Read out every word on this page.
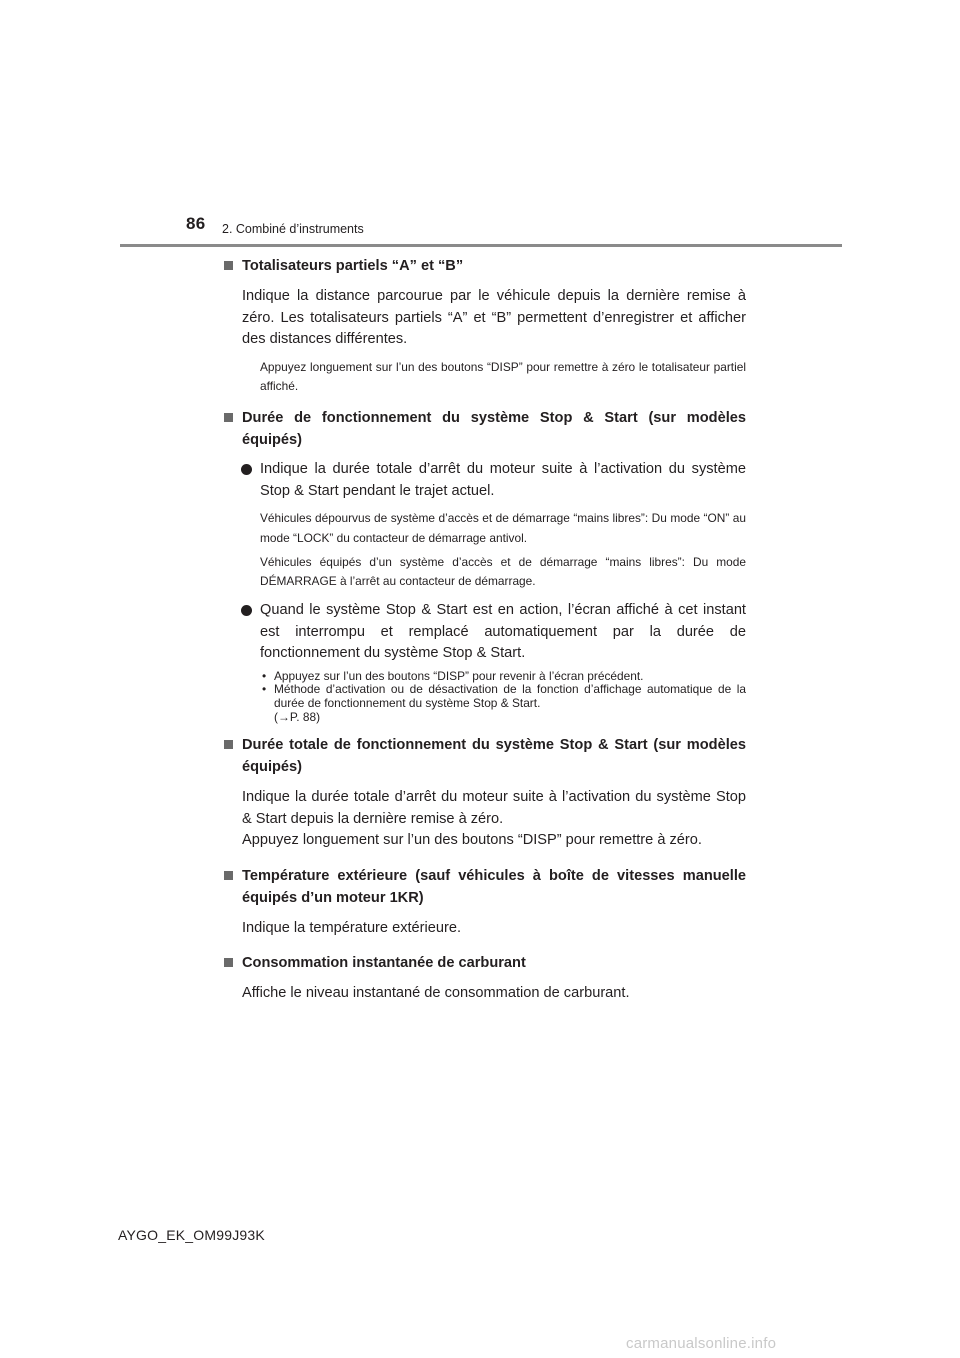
86 2. Combiné d’instruments
Totalisateurs partiels “A” et “B”
Indique la distance parcourue par le véhicule depuis la dernière remise à zéro. Les totalisateurs partiels “A” et “B” permettent d’enregistrer et afficher des distances différentes.
Appuyez longuement sur l’un des boutons “DISP” pour remettre à zéro le totalisateur partiel affiché.
Durée de fonctionnement du système Stop & Start (sur modèles équipés)
Indique la durée totale d’arrêt du moteur suite à l’activation du système Stop & Start pendant le trajet actuel.
Véhicules dépourvus de système d’accès et de démarrage “mains libres”: Du mode “ON” au mode “LOCK” du contacteur de démarrage antivol.
Véhicules équipés d’un système d’accès et de démarrage “mains libres”: Du mode DÉMARRAGE à l’arrêt au contacteur de démarrage.
Quand le système Stop & Start est en action, l’écran affiché à cet instant est interrompu et remplacé automatiquement par la durée de fonctionnement du système Stop & Start.
• Appuyez sur l’un des boutons “DISP” pour revenir à l’écran précédent.
• Méthode d’activation ou de désactivation de la fonction d’affichage automatique de la durée de fonctionnement du système Stop & Start.
(→P. 88)
Durée totale de fonctionnement du système Stop & Start (sur modèles équipés)
Indique la durée totale d’arrêt du moteur suite à l’activation du système Stop & Start depuis la dernière remise à zéro.
Appuyez longuement sur l’un des boutons “DISP” pour remettre à zéro.
Température extérieure (sauf véhicules à boîte de vitesses manuelle équipés d’un moteur 1KR)
Indique la température extérieure.
Consommation instantanée de carburant
Affiche le niveau instantané de consommation de carburant.
AYGO_EK_OM99J93K
carmanualsonline.info
